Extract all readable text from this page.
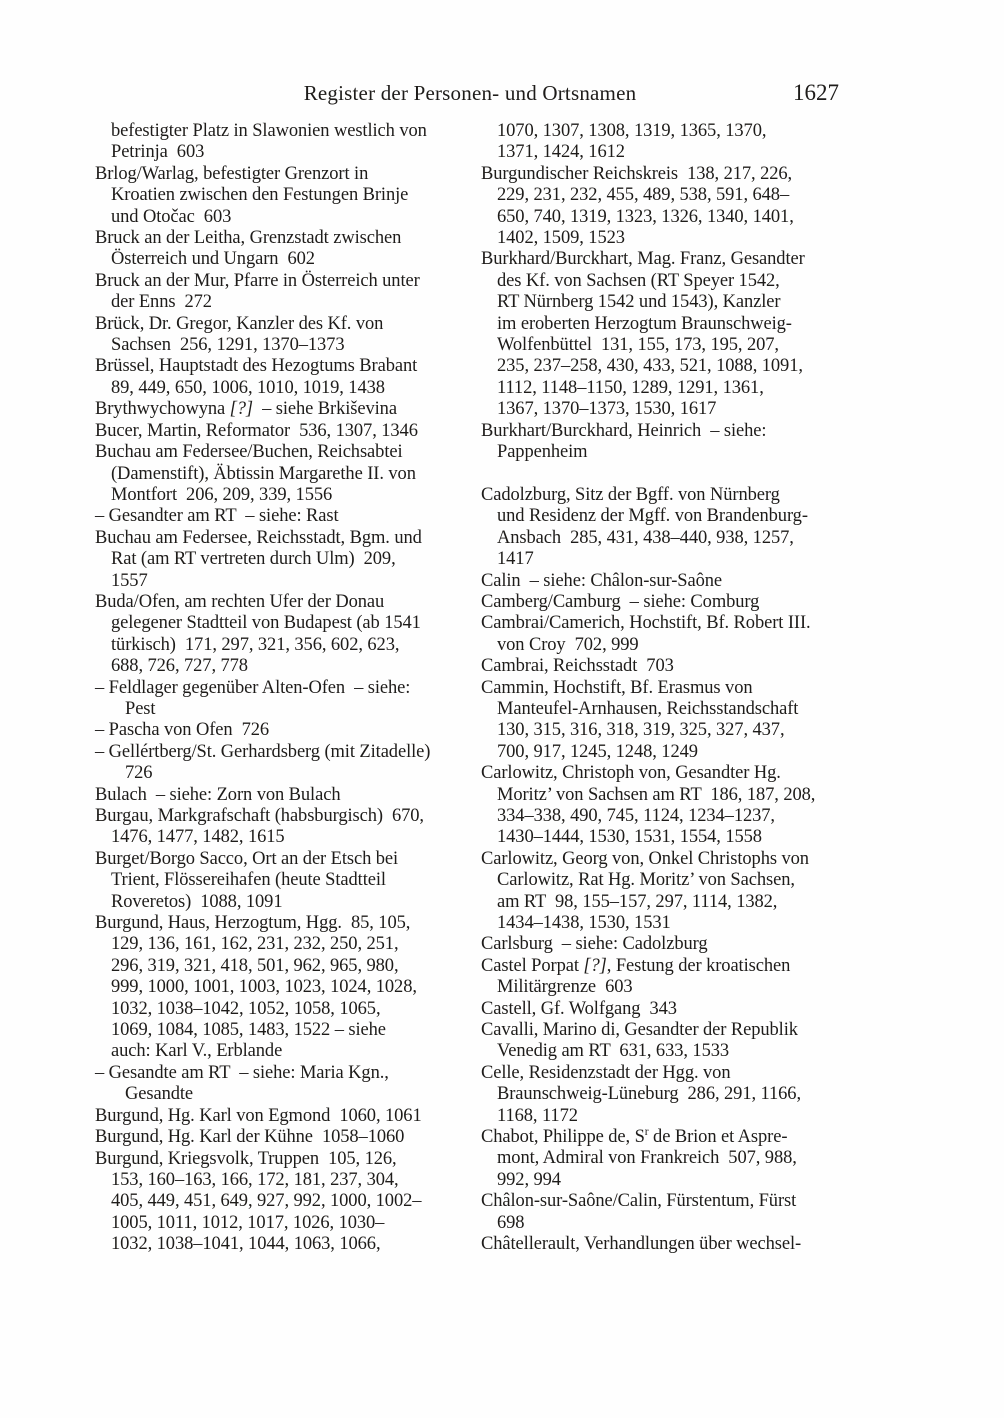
Register der Personen- und Ortsnamen	1627

befestigter Platz in Slawonien westlich von

Petrinja  603

Brlog/Warlag, befestigter Grenzort in

Kroatien zwischen den Festungen Brinje

und Otočac  603

Bruck an der Leitha, Grenzstadt zwischen

Österreich und Ungarn  602

Bruck an der Mur, Pfarre in Österreich unter

der Enns  272

Brück, Dr. Gregor, Kanzler des Kf. von

Sachsen  256, 1291, 1370–1373

Brüssel, Hauptstadt des Hezogtums Brabant

89, 449, 650, 1006, 1010, 1019, 1438

Brythwychowyna [?]  – siehe Brkiševina

Bucer, Martin, Reformator  536, 1307, 1346

Buchau am Federsee/Buchen, Reichsabtei

(Damenstift), Äbtissin Margarethe II. von

Montfort  206, 209, 339, 1556

– Gesandter am RT  – siehe: Rast

Buchau am Federsee, Reichsstadt, Bgm. und

Rat (am RT vertreten durch Ulm)  209,

1557

Buda/Ofen, am rechten Ufer der Donau

gelegener Stadtteil von Budapest (ab 1541

türkisch)  171, 297, 321, 356, 602, 623,

688, 726, 727, 778

– Feldlager gegenüber Alten-Ofen  – siehe:

Pest

– Pascha von Ofen  726

– Gellértberg/St. Gerhardsberg (mit Zitadelle)

726

Bulach  – siehe: Zorn von Bulach

Burgau, Markgrafschaft (habsburgisch)  670,

1476, 1477, 1482, 1615

Burget/Borgo Sacco, Ort an der Etsch bei

Trient, Flössereihafen (heute Stadtteil

Roveretos)  1088, 1091

Burgund, Haus, Herzogtum, Hgg.  85, 105,

129, 136, 161, 162, 231, 232, 250, 251,

296, 319, 321, 418, 501, 962, 965, 980,

999, 1000, 1001, 1003, 1023, 1024, 1028,

1032, 1038–1042, 1052, 1058, 1065,

1069, 1084, 1085, 1483, 1522 – siehe

auch: Karl V., Erblande

– Gesandte am RT  – siehe: Maria Kgn.,

Gesandte

Burgund, Hg. Karl von Egmond  1060, 1061

Burgund, Hg. Karl der Kühne  1058–1060

Burgund, Kriegsvolk, Truppen  105, 126,

153, 160–163, 166, 172, 181, 237, 304,

405, 449, 451, 649, 927, 992, 1000, 1002–

1005, 1011, 1012, 1017, 1026, 1030–

1032, 1038–1041, 1044, 1063, 1066,

1070, 1307, 1308, 1319, 1365, 1370,

1371, 1424, 1612

Burgundischer Reichskreis  138, 217, 226,

229, 231, 232, 455, 489, 538, 591, 648–

650, 740, 1319, 1323, 1326, 1340, 1401,

1402, 1509, 1523

Burkhard/Burckhart, Mag. Franz, Gesandter

des Kf. von Sachsen (RT Speyer 1542,

RT Nürnberg 1542 und 1543), Kanzler

im eroberten Herzogtum Braunschweig-

Wolfenbüttel  131, 155, 173, 195, 207,

235, 237–258, 430, 433, 521, 1088, 1091,

1112, 1148–1150, 1289, 1291, 1361,

1367, 1370–1373, 1530, 1617

Burkhart/Burckhard, Heinrich  – siehe:

Pappenheim

Cadolzburg, Sitz der Bgff. von Nürnberg

und Residenz der Mgff. von Brandenburg-

Ansbach  285, 431, 438–440, 938, 1257,

1417

Calin  – siehe: Châlon-sur-Saône

Camberg/Camburg  – siehe: Comburg

Cambrai/Camerich, Hochstift, Bf. Robert III.

von Croy  702, 999

Cambrai, Reichsstadt  703

Cammin, Hochstift, Bf. Erasmus von

Manteufel-Arnhausen, Reichsstandschaft

130, 315, 316, 318, 319, 325, 327, 437,

700, 917, 1245, 1248, 1249

Carlowitz, Christoph von, Gesandter Hg.

Moritz’ von Sachsen am RT  186, 187, 208,

334–338, 490, 745, 1124, 1234–1237,

1430–1444, 1530, 1531, 1554, 1558

Carlowitz, Georg von, Onkel Christophs von

Carlowitz, Rat Hg. Moritz’ von Sachsen,

am RT  98, 155–157, 297, 1114, 1382,

1434–1438, 1530, 1531

Carlsburg  – siehe: Cadolzburg

Castel Porpat [?], Festung der kroatischen

Militärgrenze  603

Castell, Gf. Wolfgang  343

Cavalli, Marino di, Gesandter der Republik

Venedig am RT  631, 633, 1533

Celle, Residenzstadt der Hgg. von

Braunschweig-Lüneburg  286, 291, 1166,

1168, 1172

Chabot, Philippe de, $S^r$ de Brion et Aspre-

mont, Admiral von Frankreich  507, 988,

992, 994

Châlon-sur-Saône/Calin, Fürstentum, Fürst

698

Châtellerault, Verhandlungen über wechsel-
